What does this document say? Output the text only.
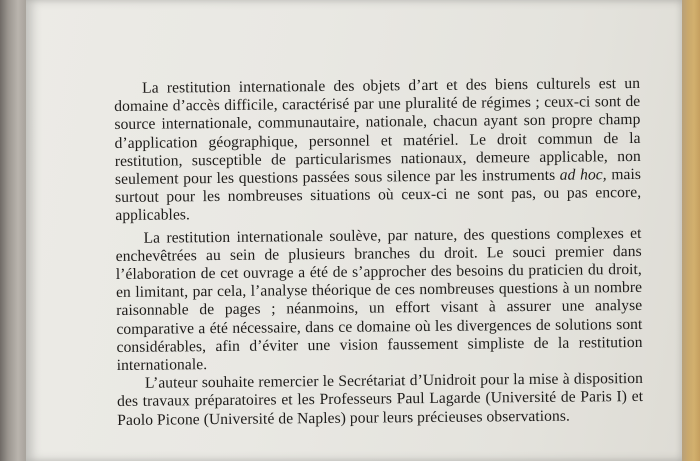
La restitution internationale des objets d’art et des biens culturels est un domaine d’accès difficile, caractérisé par une pluralité de régimes ; ceux-ci sont de source internationale, communautaire, nationale, chacun ayant son propre champ d’application géographique, personnel et matériel. Le droit commun de la restitution, susceptible de particularismes nationaux, demeure applicable, non seulement pour les questions passées sous silence par les instruments ad hoc, mais surtout pour les nombreuses situations où ceux-ci ne sont pas, ou pas encore, applicables.

La restitution internationale soulève, par nature, des questions complexes et enchevêtrées au sein de plusieurs branches du droit. Le souci premier dans l’élaboration de cet ouvrage a été de s’approcher des besoins du praticien du droit, en limitant, par cela, l’analyse théorique de ces nombreuses questions à un nombre raisonnable de pages ; néanmoins, un effort visant à assurer une analyse comparative a été nécessaire, dans ce domaine où les divergences de solutions sont considérables, afin d’éviter une vision faussement simpliste de la restitution internationale.

L’auteur souhaite remercier le Secrétariat d’Unidroit pour la mise à disposition des travaux préparatoires et les Professeurs Paul Lagarde (Université de Paris I) et Paolo Picone (Université de Naples) pour leurs précieuses observations.
